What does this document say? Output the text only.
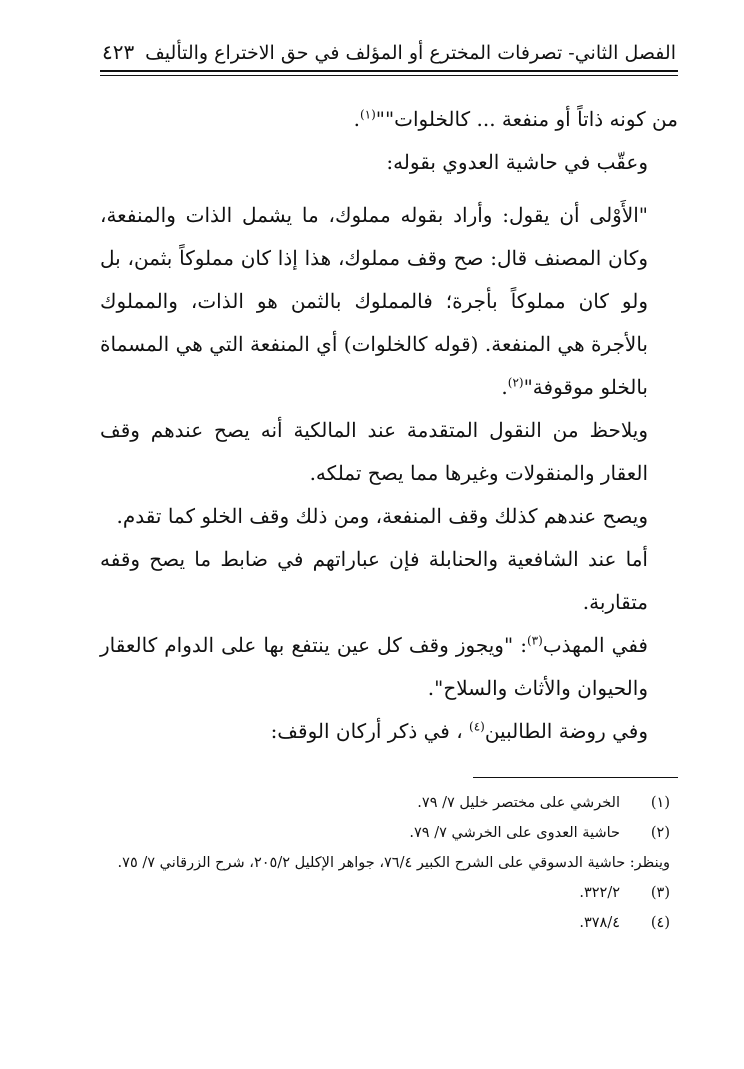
الفصل الثاني- تصرفات المخترع أو المؤلف في حق الاختراع والتأليف
٤٢٣

من كونه ذاتاً أو منفعة ... كالخلوات""$^{(١)}$.

وعقّب في حاشية العدوي بقوله:

"الأَوْلى أن يقول: وأراد بقوله مملوك، ما يشمل الذات والمنفعة، وكان المصنف قال: صح وقف مملوك، هذا إذا كان مملوكاً بثمن، بل ولو كان مملوكاً بأجرة؛ فالمملوك بالثمن هو الذات، والمملوك بالأجرة هي المنفعة. (قوله كالخلوات) أي المنفعة التي هي المسماة بالخلو موقوفة"$^{(٢)}$.

ويلاحظ من النقول المتقدمة عند المالكية أنه يصح عندهم وقف العقار والمنقولات وغيرها مما يصح تملكه.

ويصح عندهم كذلك وقف المنفعة، ومن ذلك وقف الخلو كما تقدم.

أما عند الشافعية والحنابلة فإن عباراتهم في ضابط ما يصح وقفه متقاربة.

ففي المهذب$^{(٣)}$: "ويجوز وقف كل عين ينتفع بها على الدوام كالعقار والحيوان والأثاث والسلاح".

وفي روضة الطالبين$^{(٤)}$ ، في ذكر أركان الوقف:

(١)
الخرشي على مختصر خليل ٧/ ٧٩.
(٢)
حاشية العدوى على الخرشي ٧/ ٧٩.
وينظر: حاشية الدسوقي على الشرح الكبير ٧٦/٤، جواهر الإكليل ٢٠٥/٢، شرح الزرقاني ٧/ ٧٥.
(٣)
٣٢٢/٢.
(٤)
٣٧٨/٤.
